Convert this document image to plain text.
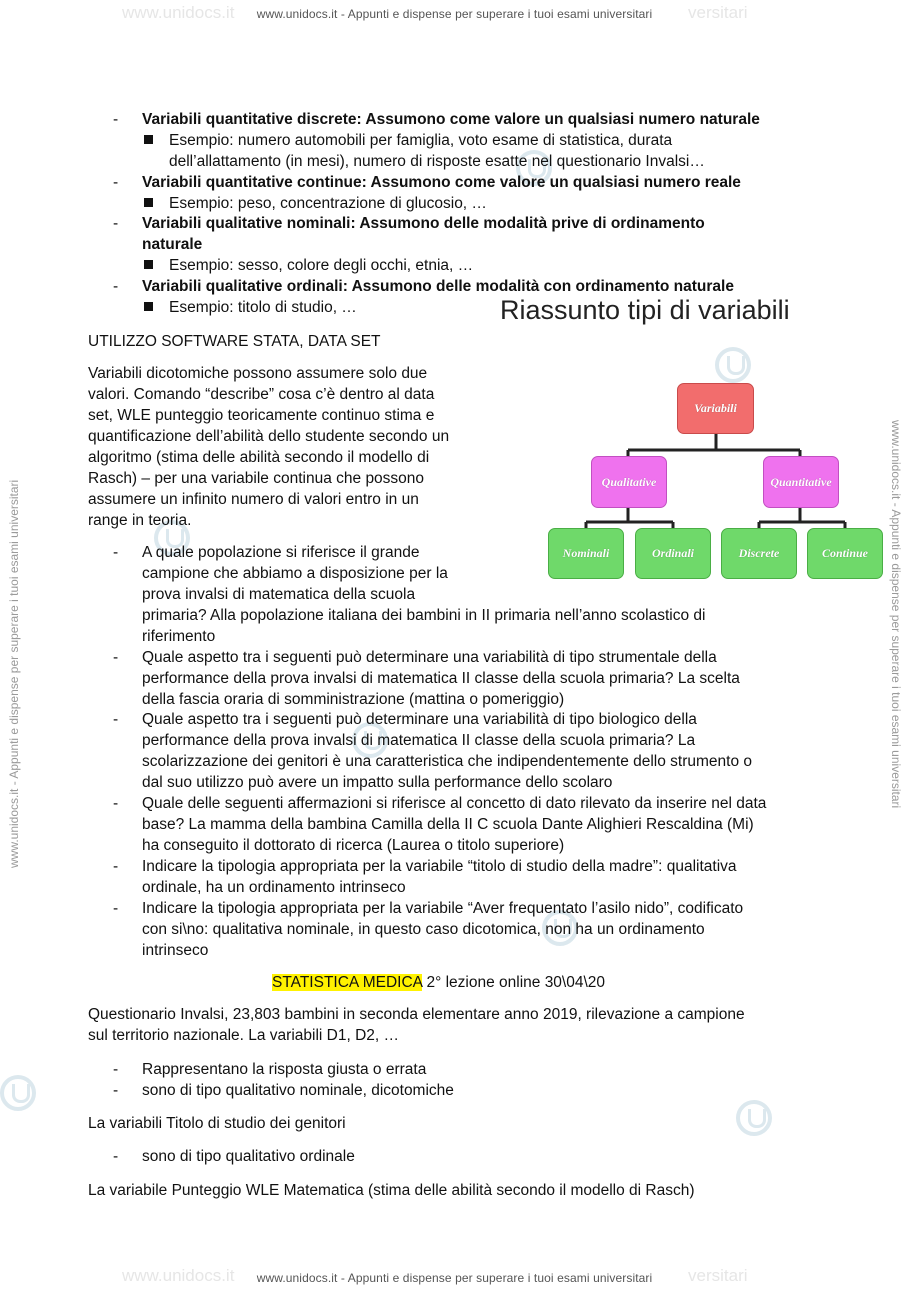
www.unidocs.it	versitari
www.unidocs.it - Appunti e dispense per superare i tuoi esami universitari
www.unidocs.it	versitari
www.unidocs.it - Appunti e dispense per superare i tuoi esami universitari
www.unidocs.it - Appunti e dispense per superare i tuoi esami universitari	www.unidocs.it - Appunti e dispense per superare i tuoi esami universitari
- Variabili quantitative discrete: Assumono come valore un qualsiasi numero naturale
Esempio: numero automobili per famiglia, voto esame di statistica, durata
dell’allattamento (in mesi), numero di risposte esatte nel questionario Invalsi…
- Variabili quantitative continue: Assumono come valore un qualsiasi numero reale
Esempio: peso, concentrazione di glucosio, …
- Variabili qualitative nominali: Assumono delle modalità prive di ordinamento
naturale
Esempio: sesso, colore degli occhi, etnia, …
- Variabili qualitative ordinali: Assumono delle modalità con ordinamento naturale
Esempio: titolo di studio, …
UTILIZZO SOFTWARE STATA, DATA SET
Variabili dicotomiche possono assumere solo due
valori. Comando “describe” cosa c’è dentro al data
set, WLE punteggio teoricamente continuo stima e
quantificazione dell’abilità dello studente secondo un
algoritmo (stima delle abilità secondo il modello di
Rasch) – per una variabile continua che possono
assumere un infinito numero di valori entro in un
range in teoria.
Riassunto tipi di variabili
Variabili
Qualitative	Quantitative
Nominali	Ordinali	Discrete	Continue
- A quale popolazione si riferisce il grande
campione che abbiamo a disposizione per la
prova invalsi di matematica della scuola
primaria? Alla popolazione italiana dei bambini in II primaria nell’anno scolastico di
riferimento
- Quale aspetto tra i seguenti può determinare una variabilità di tipo strumentale della
performance della prova invalsi di matematica II classe della scuola primaria? La scelta
della fascia oraria di somministrazione (mattina o pomeriggio)
- Quale aspetto tra i seguenti può determinare una variabilità di tipo biologico della
performance della prova invalsi di matematica II classe della scuola primaria? La
scolarizzazione dei genitori è una caratteristica che indipendentemente dello strumento o
dal suo utilizzo può avere un impatto sulla performance dello scolaro
- Quale delle seguenti affermazioni si riferisce al concetto di dato rilevato da inserire nel data
base? La mamma della bambina Camilla della II C scuola Dante Alighieri Rescaldina (Mi)
ha conseguito il dottorato di ricerca (Laurea o titolo superiore)
- Indicare la tipologia appropriata per la variabile “titolo di studio della madre”: qualitativa
ordinale, ha un ordinamento intrinseco
- Indicare la tipologia appropriata per la variabile “Aver frequentato l’asilo nido”, codificato
con si\no: qualitativa nominale, in questo caso dicotomica, non ha un ordinamento
intrinseco
STATISTICA MEDICA 2° lezione online 30\04\20
Questionario Invalsi, 23,803 bambini in seconda elementare anno 2019, rilevazione a campione
sul territorio nazionale. La variabili D1, D2, …
- Rappresentano la risposta giusta o errata
- sono di tipo qualitativo nominale, dicotomiche
La variabili Titolo di studio dei genitori
- sono di tipo qualitativo ordinale
La variabile Punteggio WLE Matematica (stima delle abilità secondo il modello di Rasch)
